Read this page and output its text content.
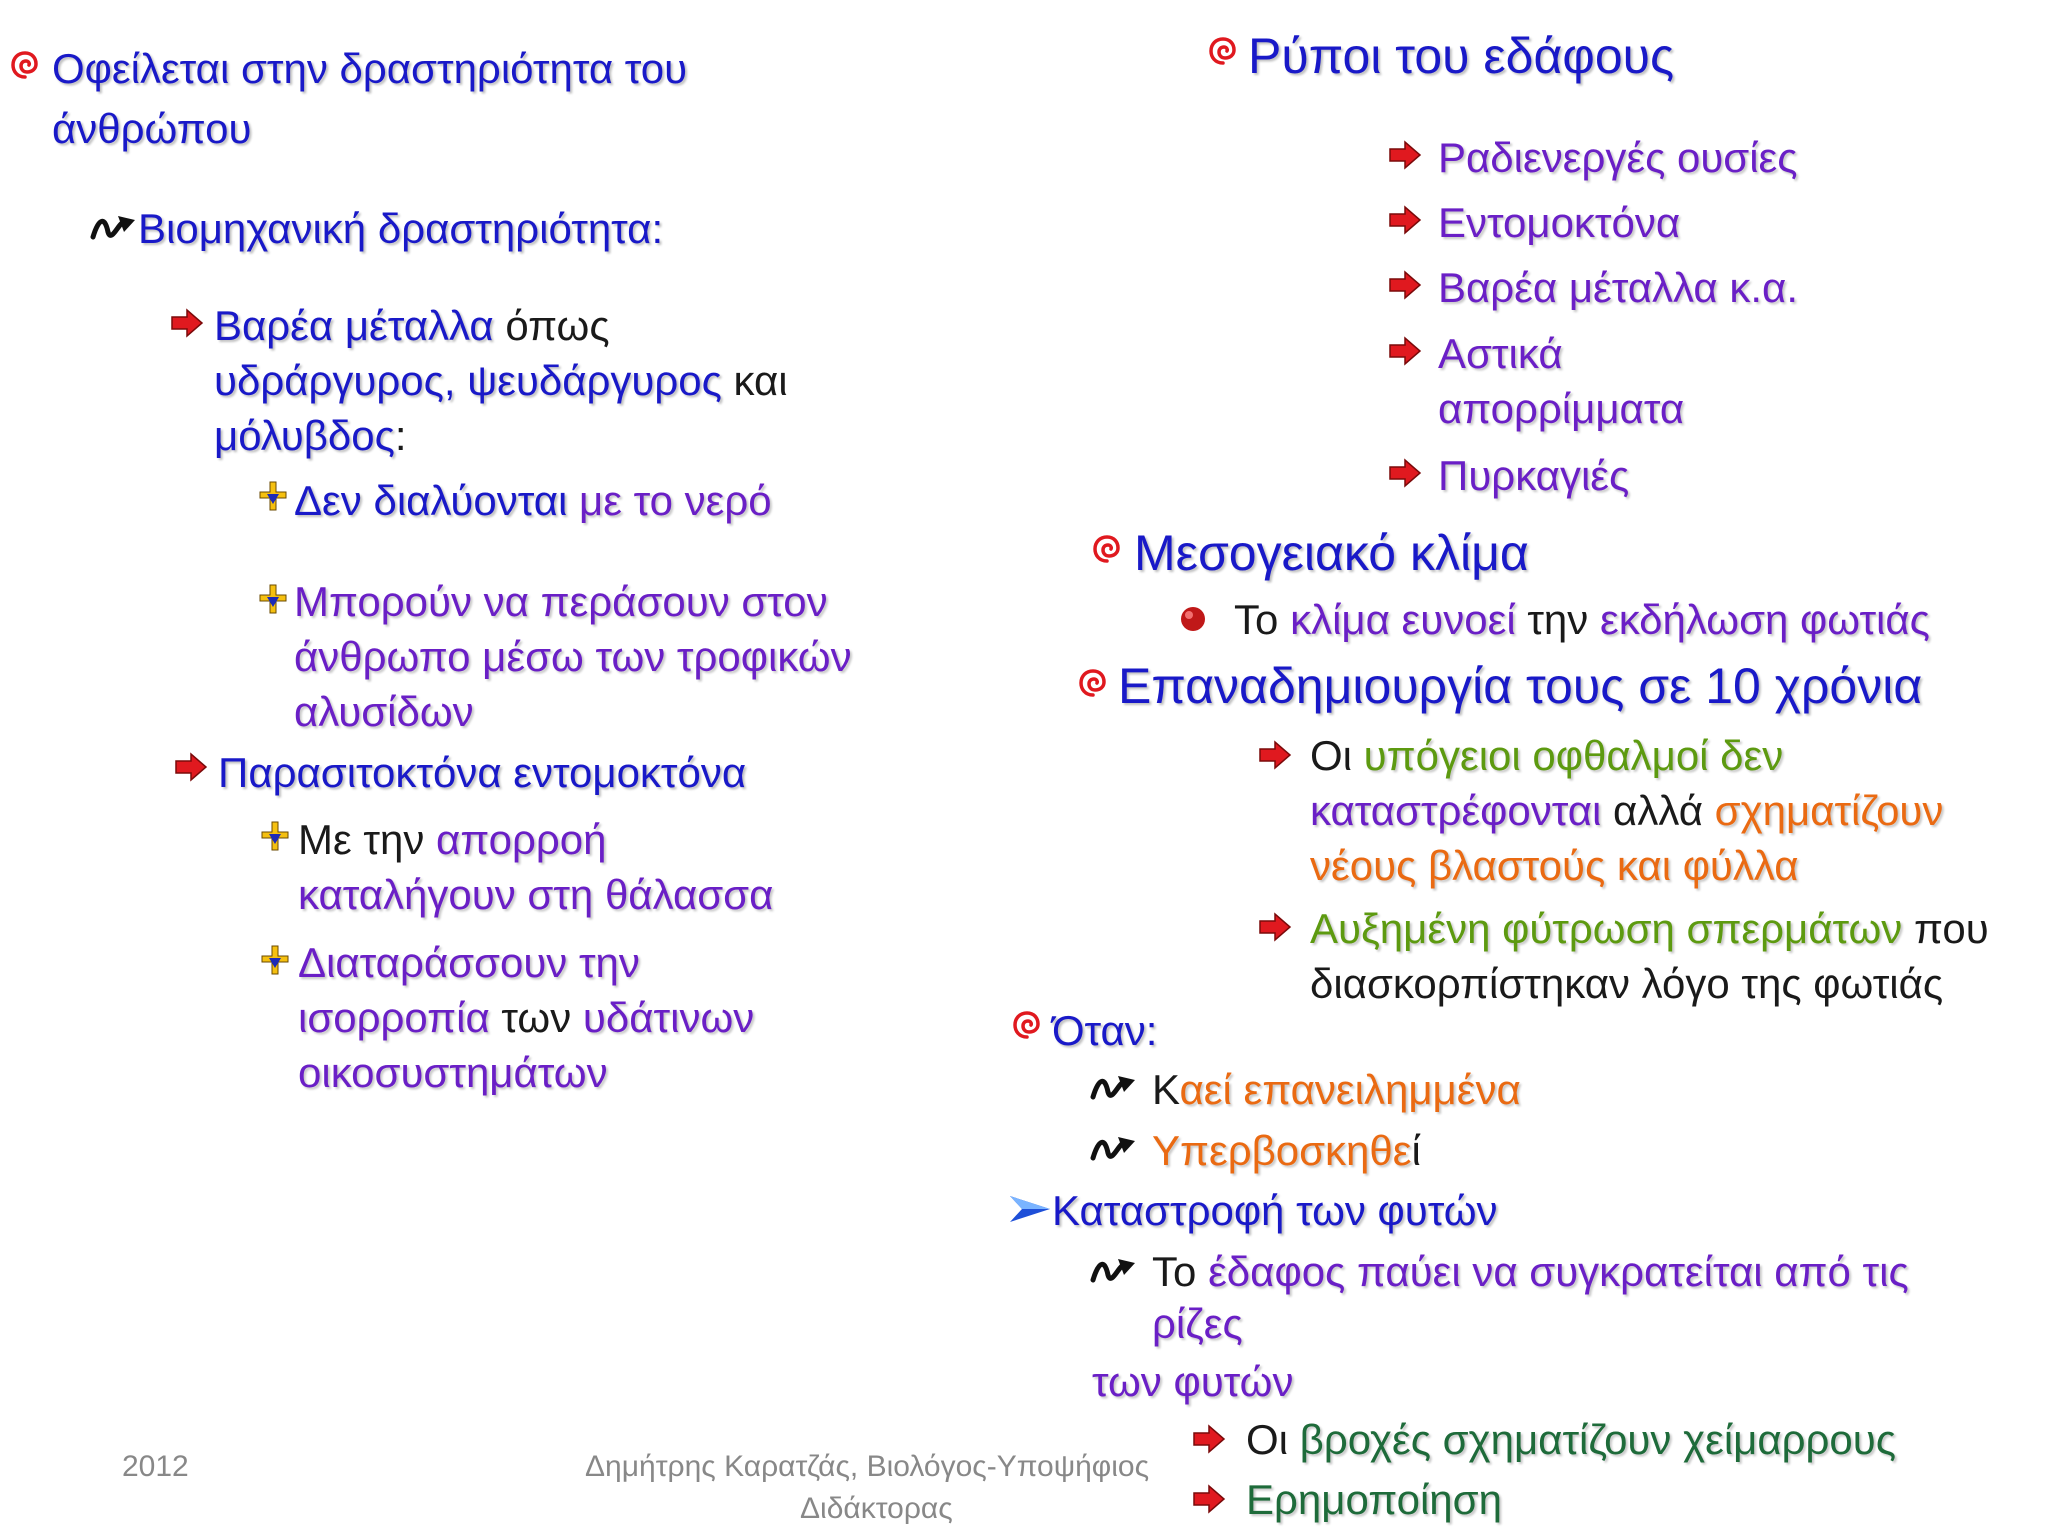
Οφείλεται στην δραστηριότητα του
άνθρώπου
Βιομηχανική δραστηριότητα:
Βαρέα μέταλλα όπως
υδράργυρος, ψευδάργυρος και
μόλυβδος:
Δεν διαλύονται με το νερό
Μπορούν να περάσουν στον
άνθρωπο μέσω των τροφικών
αλυσίδων
Παρασιτοκτόνα εντομοκτόνα
Με την απορροή
καταλήγουν στη θάλασσα
Διαταράσσουν την
ισορροπία των υδάτινων
οικοσυστημάτων
Ρύποι του εδάφους
Ραδιενεργές ουσίες
Εντομοκτόνα
Βαρέα μέταλλα κ.α.
Αστικά
απορρίμματα
Πυρκαγιές
Μεσογειακό κλίμα
Το κλίμα ευνοεί την εκδήλωση φωτιάς
Επαναδημιουργία τους σε 10 χρόνια
Οι υπόγειοι οφθαλμοί δεν
καταστρέφονται αλλά σχηματίζουν
νέους βλαστούς και φύλλα
Αυξημένη φύτρωση σπερμάτων που
διασκορπίστηκαν λόγο της φωτιάς
Όταν:
Καεί επανειλημμένα
Υπερβοσκηθεί
Καταστροφή των φυτών
Το έδαφος παύει να συγκρατείται από τις
ρίζες
των φυτών
Οι βροχές σχηματίζουν χείμαρρους
Ερημοποίηση
2012	Δημήτρης Καρατζάς, Βιολόγος-Υποψήφιος
Διδάκτορας
